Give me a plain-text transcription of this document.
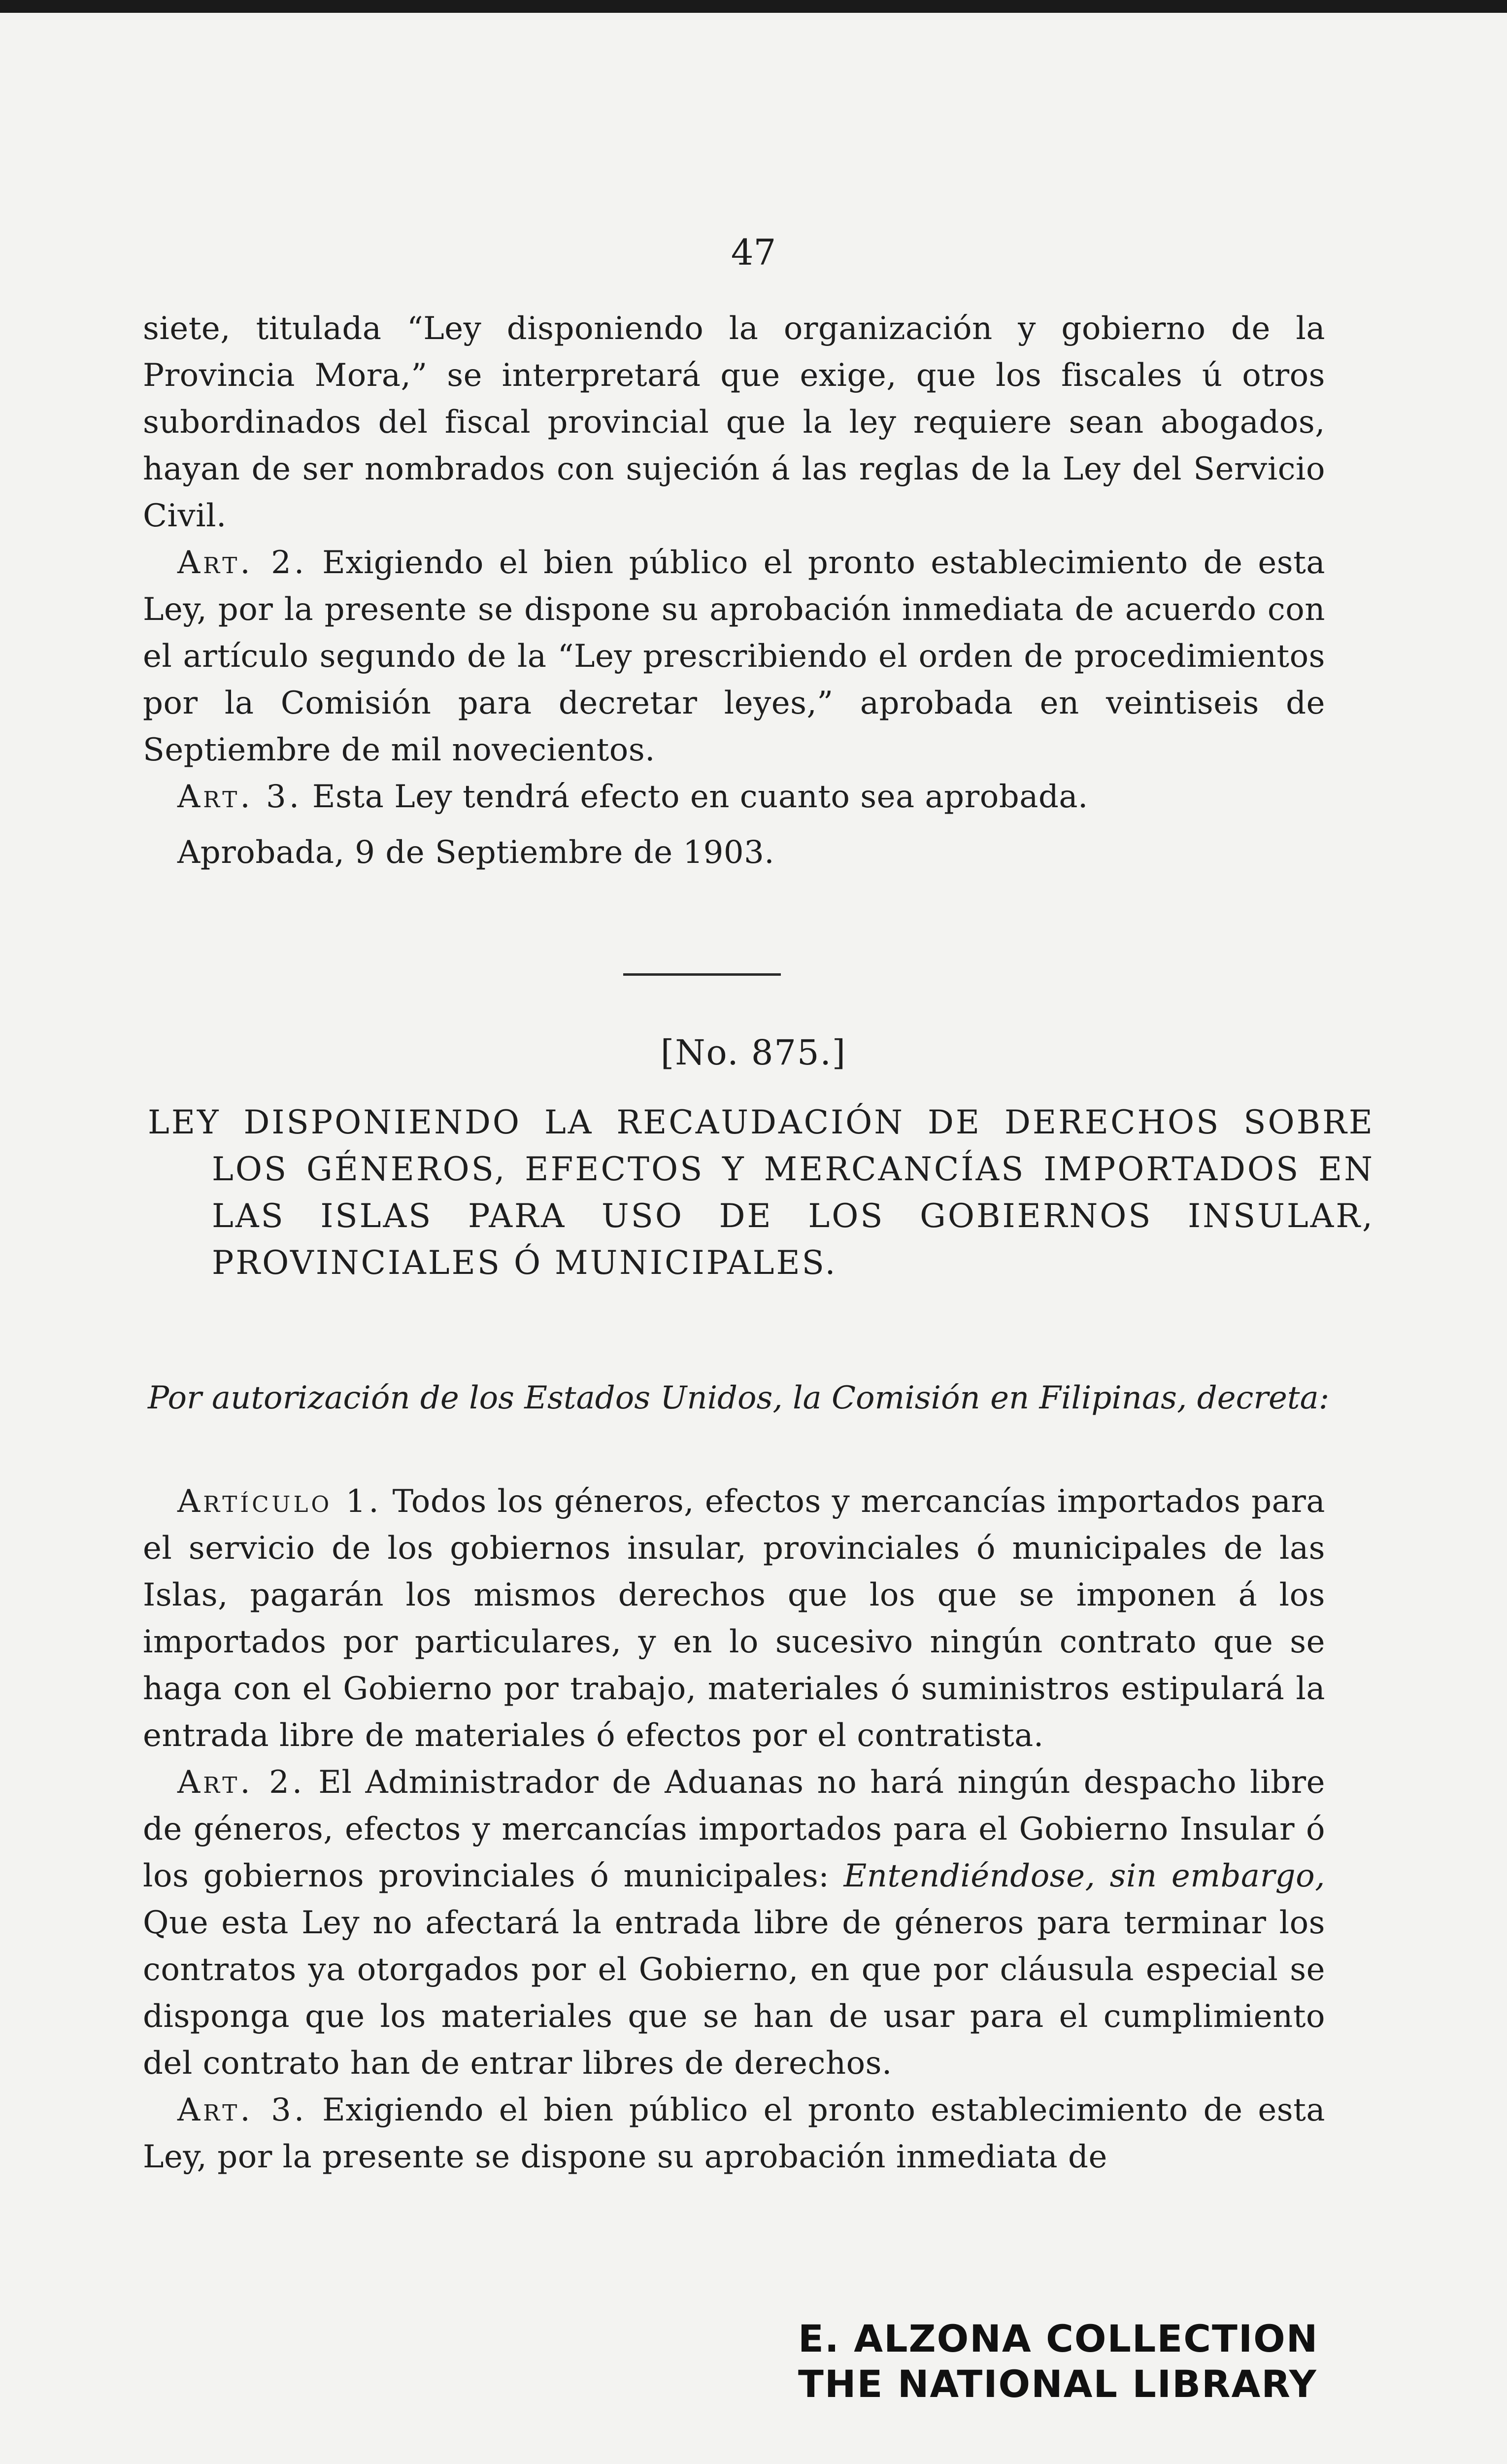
47

siete, titulada “Ley disponiendo la organización y gobierno de la Provincia Mora,” se interpretará que exige, que los fiscales ú otros subordinados del fiscal provincial que la ley requiere sean abogados, hayan de ser nombrados con sujeción á las reglas de la Ley del Servicio Civil.

Art. 2. Exigiendo el bien público el pronto establecimiento de esta Ley, por la presente se dispone su aprobación inmediata de acuerdo con el artículo segundo de la “Ley prescribiendo el orden de procedimientos por la Comisión para decretar leyes,” aprobada en veintiseis de Septiembre de mil novecientos.

Art. 3. Esta Ley tendrá efecto en cuanto sea aprobada.

Aprobada, 9 de Septiembre de 1903.

[No. 875.]
LEY DISPONIENDO LA RECAUDACIÓN DE DERECHOS SOBRE LOS GÉNEROS, EFECTOS Y MERCANCÍAS IMPORTADOS EN LAS ISLAS PARA USO DE LOS GOBIERNOS INSULAR, PROVINCIALES Ó MUNICIPALES.
Por autorización de los Estados Unidos, la Comisión en Filipinas, decreta:

Artículo 1. Todos los géneros, efectos y mercancías importados para el servicio de los gobiernos insular, provinciales ó municipales de las Islas, pagarán los mismos derechos que los que se imponen á los importados por particulares, y en lo sucesivo ningún contrato que se haga con el Gobierno por trabajo, materiales ó suministros estipulará la entrada libre de materiales ó efectos por el contratista.

Art. 2. El Administrador de Aduanas no hará ningún despacho libre de géneros, efectos y mercancías importados para el Gobierno Insular ó los gobiernos provinciales ó municipales: Entendiéndose, sin embargo, Que esta Ley no afectará la entrada libre de géneros para terminar los contratos ya otorgados por el Gobierno, en que por cláusula especial se disponga que los materiales que se han de usar para el cumplimiento del contrato han de entrar libres de derechos.

Art. 3. Exigiendo el bien público el pronto establecimiento de esta Ley, por la presente se dispone su aprobación inmediata de

E. ALZONA COLLECTION
THE NATIONAL LIBRARY
